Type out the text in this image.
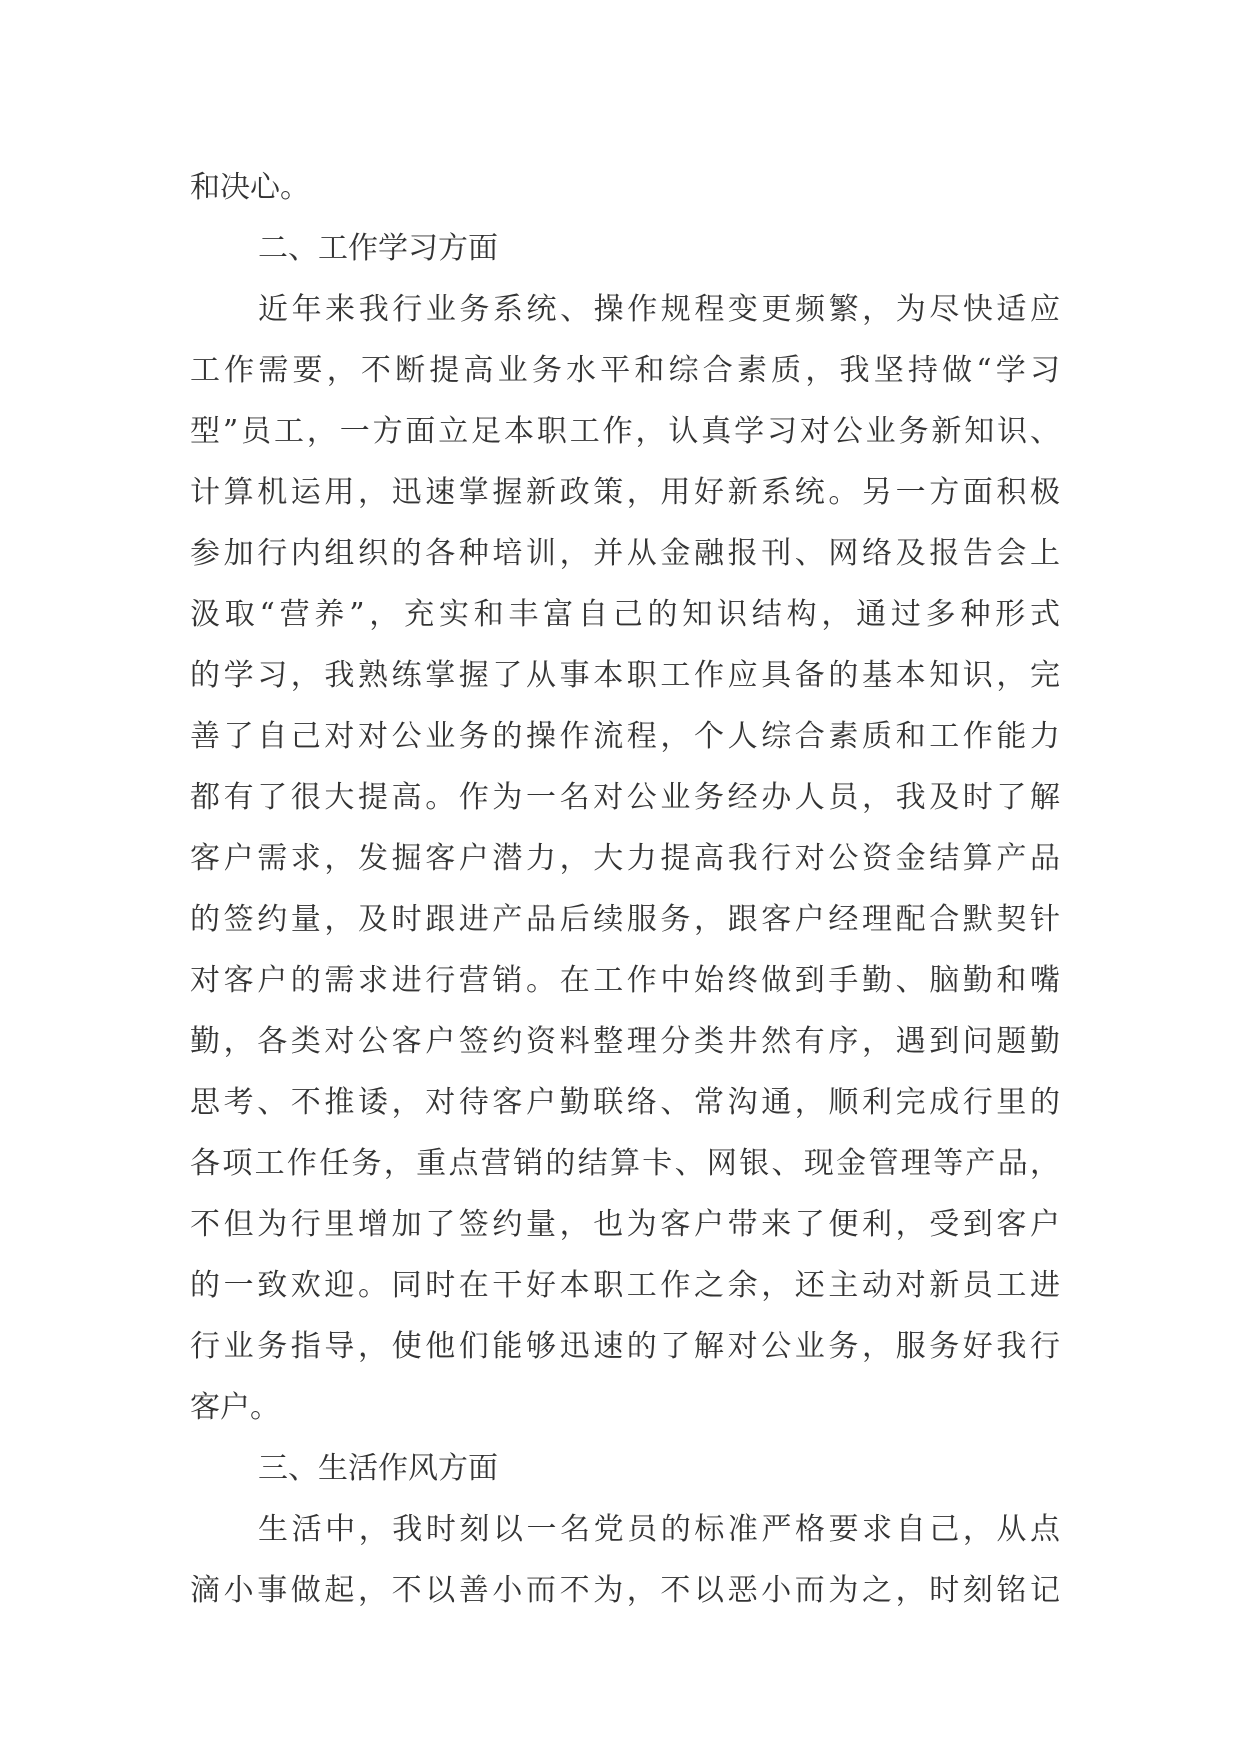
和决心。
二、工作学习方面
近年来我行业务系统、操作规程变更频繁，为尽快适应
工作需要，不断提高业务水平和综合素质，我坚持做“学习
型”员工，一方面立足本职工作，认真学习对公业务新知识、
计算机运用，迅速掌握新政策，用好新系统。另一方面积极
参加行内组织的各种培训，并从金融报刊、网络及报告会上
汲取“营养”，充实和丰富自己的知识结构，通过多种形式
的学习，我熟练掌握了从事本职工作应具备的基本知识，完
善了自己对对公业务的操作流程，个人综合素质和工作能力
都有了很大提高。作为一名对公业务经办人员，我及时了解
客户需求，发掘客户潜力，大力提高我行对公资金结算产品
的签约量，及时跟进产品后续服务，跟客户经理配合默契针
对客户的需求进行营销。在工作中始终做到手勤、脑勤和嘴
勤，各类对公客户签约资料整理分类井然有序，遇到问题勤
思考、不推诿，对待客户勤联络、常沟通，顺利完成行里的
各项工作任务，重点营销的结算卡、网银、现金管理等产品，
不但为行里增加了签约量，也为客户带来了便利，受到客户
的一致欢迎。同时在干好本职工作之余，还主动对新员工进
行业务指导，使他们能够迅速的了解对公业务，服务好我行
客户。
三、生活作风方面
生活中，我时刻以一名党员的标准严格要求自己，从点
滴小事做起，不以善小而不为，不以恶小而为之，时刻铭记
